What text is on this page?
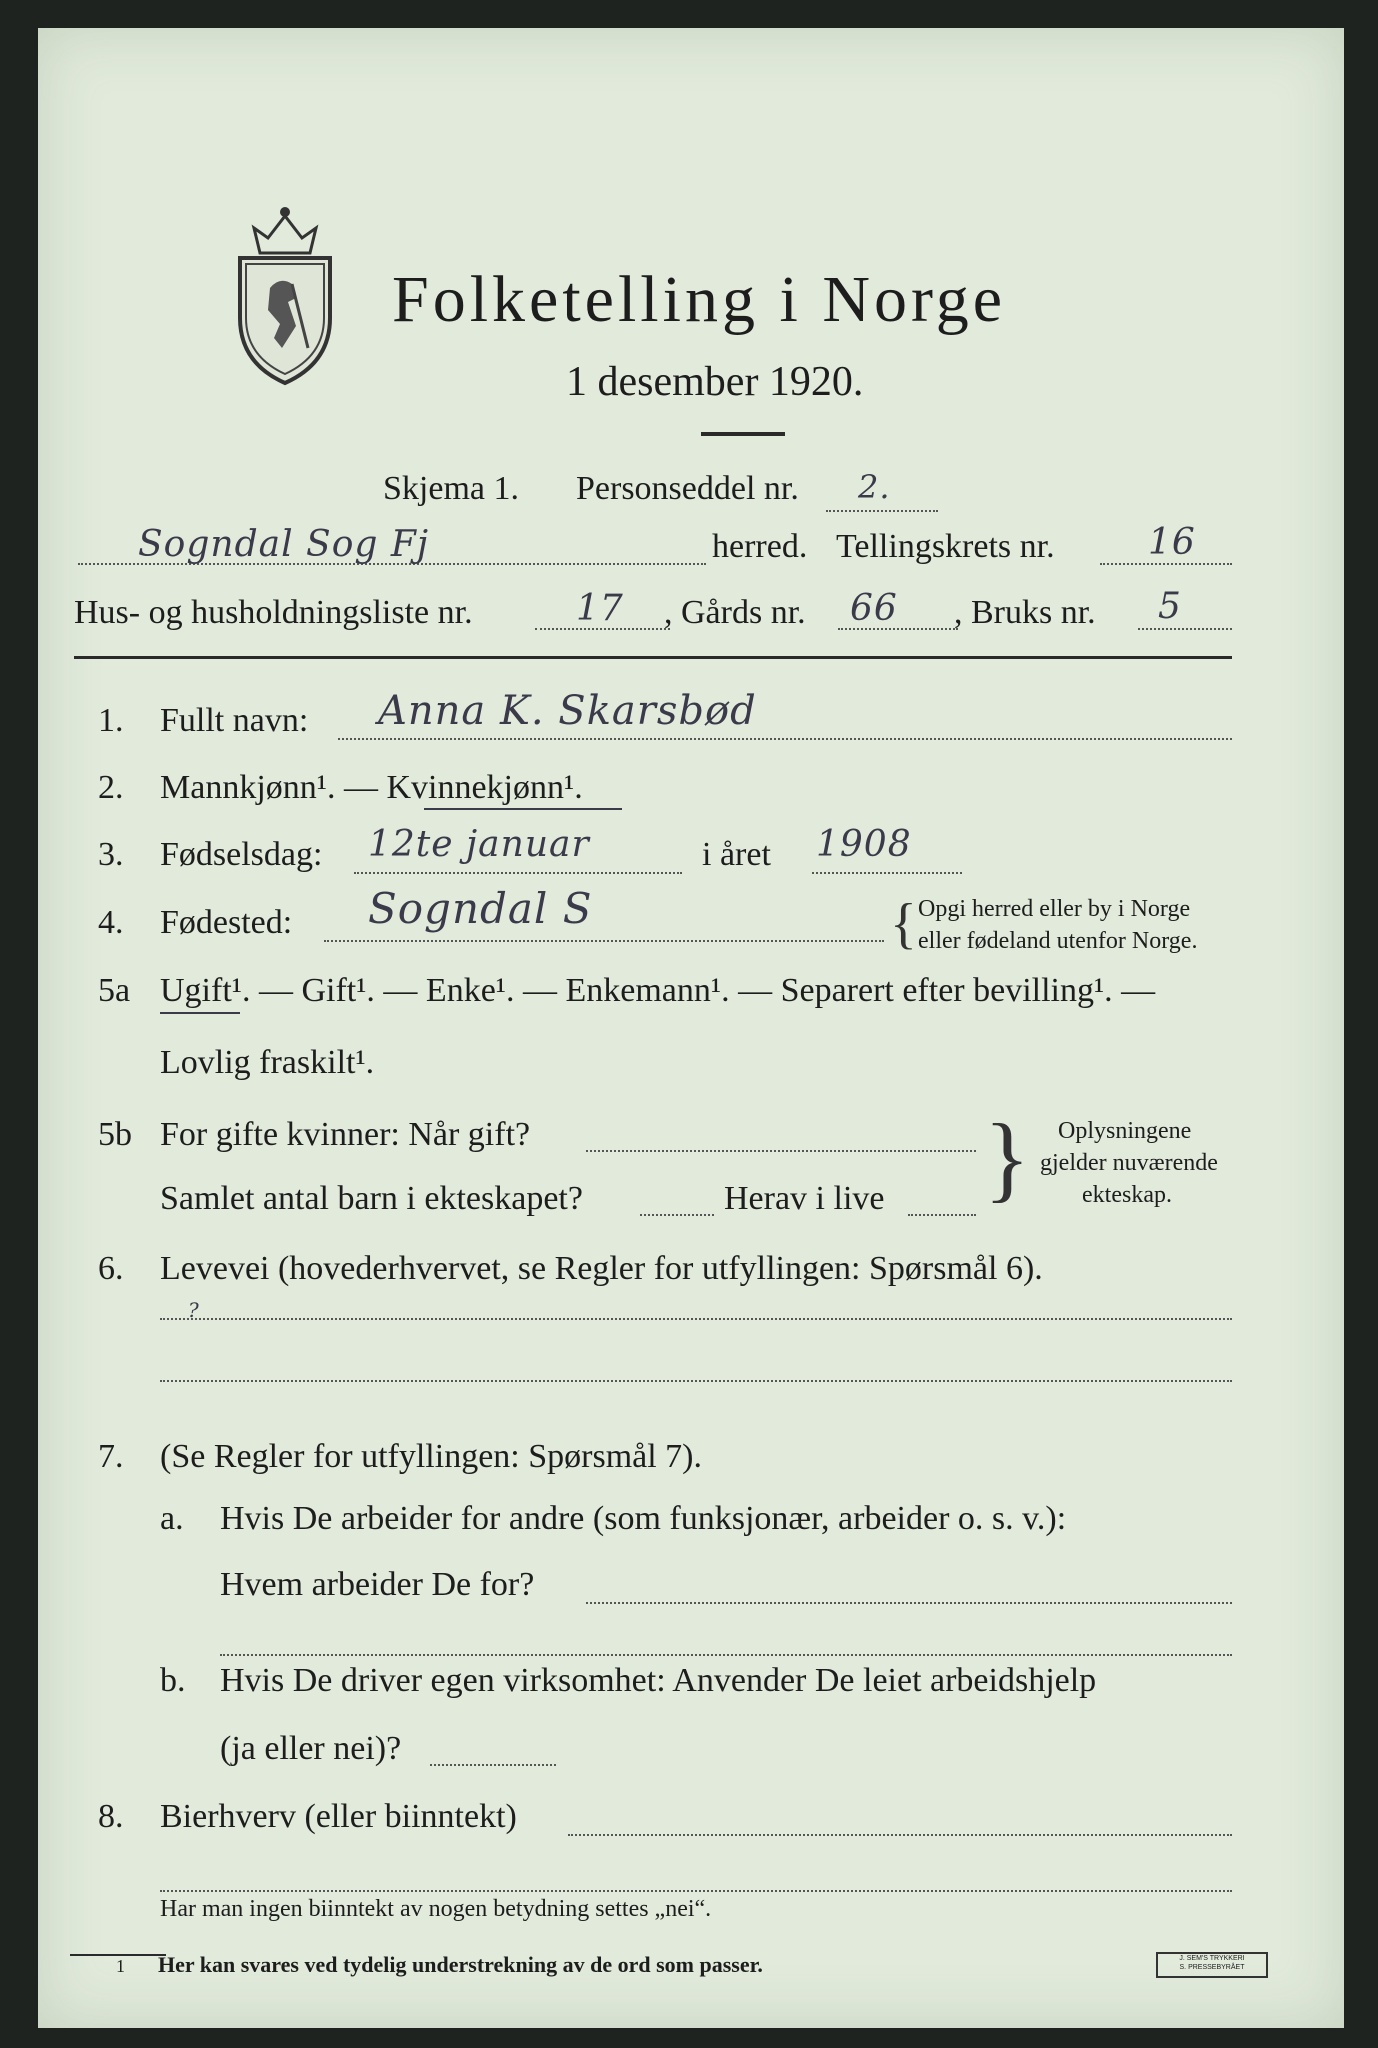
Folketelling i Norge
1 desember 1920.
Skjema 1. Personseddel nr. 2.
Sogndal Sog Fj	herred. Tellingskrets nr.	16
Hus- og husholdningsliste nr.	17 , Gårds nr. 66 , Bruks nr. 5
1. Fullt navn: Anna K. Skarsbød
2. Mannkjønn¹. — Kvinnekjønn¹.
3. Fødselsdag: 12te januar	i året 1908
4. Fødested: Sogndal S	{ Opgi herred eller by i Norge
eller fødeland utenfor Norge.
5a Ugift¹. — Gift¹. — Enke¹. — Enkemann¹. — Separert efter bevilling¹. —
Lovlig fraskilt¹.
5b For gifte kvinner: Når gift?
Samlet antal barn i ekteskapet?	Herav i live } Oplysningene
gjelder nuværende
ekteskap.
6. Levevei (hovederhvervet, se Regler for utfyllingen: Spørsmål 6).
?
7. (Se Regler for utfyllingen: Spørsmål 7).
a. Hvis De arbeider for andre (som funksjonær, arbeider o. s. v.):
Hvem arbeider De for?
b. Hvis De driver egen virksomhet: Anvender De leiet arbeidshjelp
(ja eller nei)?
8. Bierhverv (eller biinntekt)
Har man ingen biinntekt av nogen betydning settes „nei“.
1 Her kan svares ved tydelig understrekning av de ord som passer.	J. SEM'S TRYKKERI
S. PRESSEBYRÅET
